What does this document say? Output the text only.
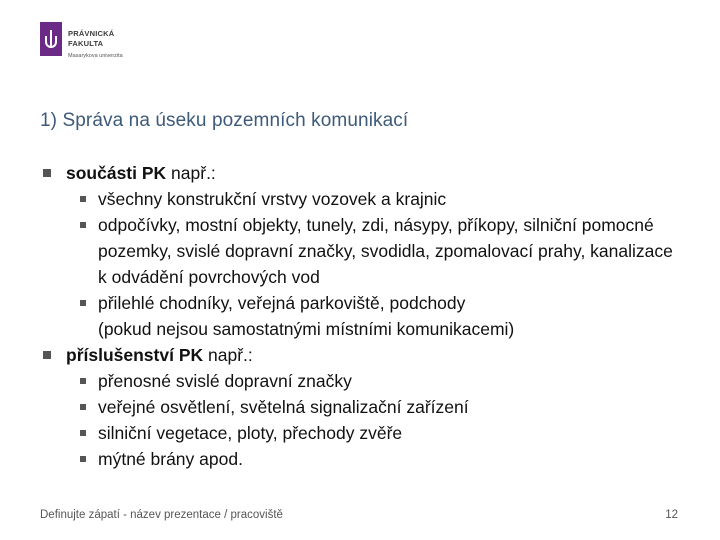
PRÁVNICKÁ
FAKULTA
Masarykova univerzita
1) Správa na úseku pozemních komunikací
součásti PK např.:
všechny konstrukční vrstvy vozovek a krajnic
odpočívky, mostní objekty, tunely, zdi, násypy, příkopy, silniční pomocné pozemky, svislé dopravní značky, svodidla, zpomalovací prahy, kanalizace k odvádění povrchových vod
přilehlé chodníky, veřejná parkoviště, podchody
(pokud nejsou samostatnými místními komunikacemi)
příslušenství PK např.:
přenosné svislé dopravní značky
veřejné osvětlení, světelná signalizační zařízení
silniční vegetace, ploty, přechody zvěře
mýtné brány apod.
Definujte zápatí - název prezentace / pracoviště	12
